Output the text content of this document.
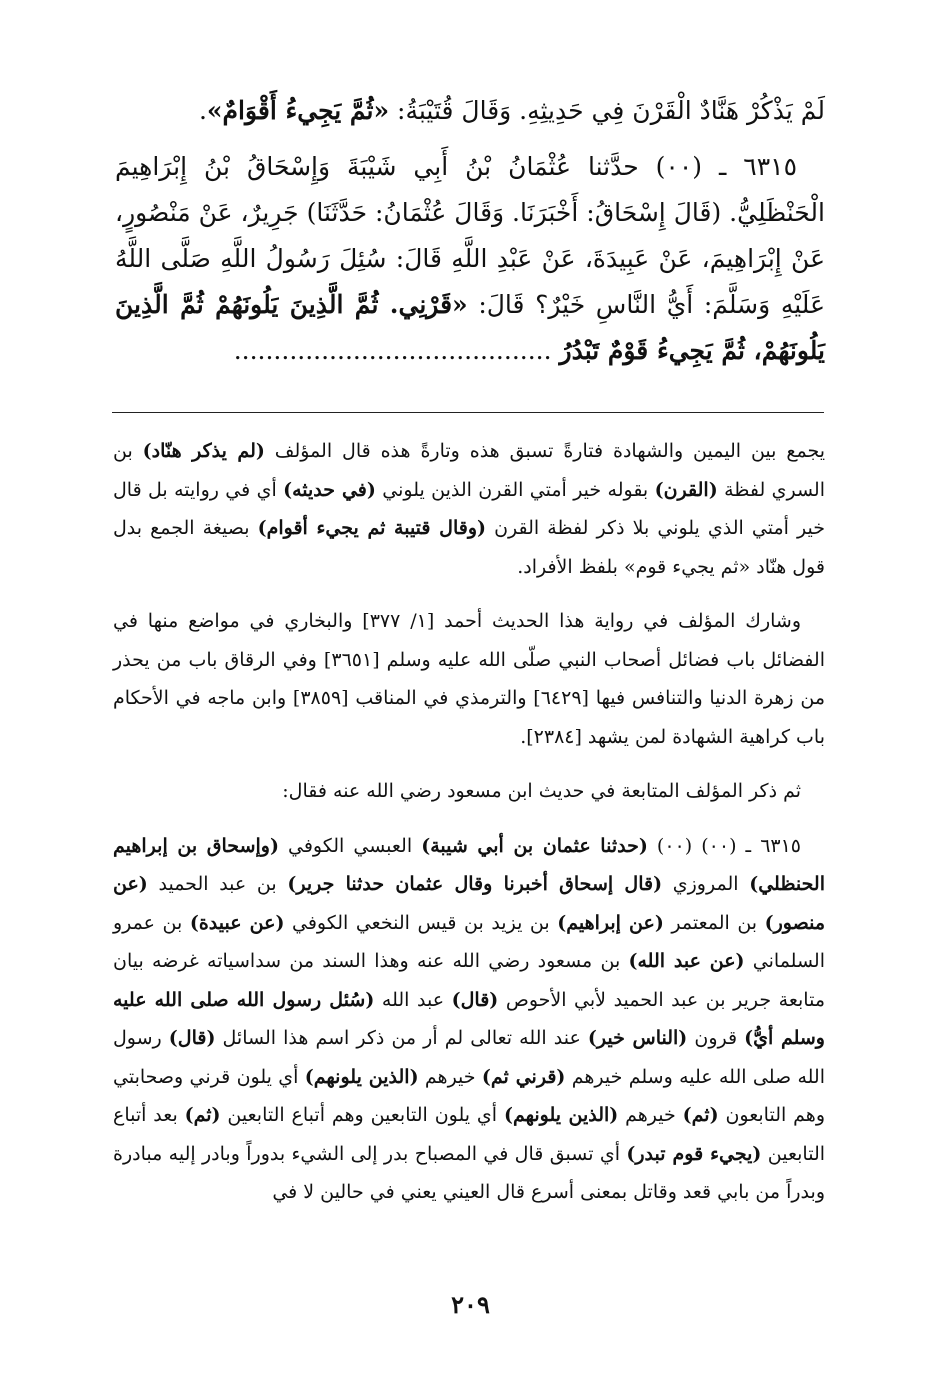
لَمْ يَذْكُرْ هَنَّادٌ الْقَرْنَ فِي حَدِيثِهِ. وَقَالَ قُتَيْبَةُ: «ثُمَّ يَجِيءُ أَقْوَامٌ».

٦٣١٥ ـ (٠٠) حدَّثنا عُثْمَانُ بْنُ أَبِي شَيْبَةَ وَإِسْحَاقُ بْنُ إِبْرَاهِيمَ الْحَنْظَلِيُّ. (قَالَ إِسْحَاقُ: أَخْبَرَنَا. وَقَالَ عُثْمَانُ: حَدَّثَنَا) جَرِيرٌ، عَنْ مَنْصُورٍ، عَنْ إِبْرَاهِيمَ، عَنْ عَبِيدَةَ، عَنْ عَبْدِ اللَّهِ قَالَ: سُئِلَ رَسُولُ اللَّهِ صَلَّى اللَّهُ عَلَيْهِ وَسَلَّمَ: أَيُّ النَّاسِ خَيْرٌ؟ قَالَ: «قَرْنِي. ثُمَّ الَّذِينَ يَلُونَهُمْ ثُمَّ الَّذِينَ يَلُونَهُمْ، ثُمَّ يَجِيءُ قَوْمٌ تَبْدُرُ ........................................

يجمع بين اليمين والشهادة فتارةً تسبق هذه وتارةً هذه قال المؤلف (لم يذكر هنّاد) بن السري لفظة (القرن) بقوله خير أمتي القرن الذين يلوني (في حديثه) أي في روايته بل قال خير أمتي الذي يلوني بلا ذكر لفظة القرن (وقال قتيبة ثم يجيء أقوام) بصيغة الجمع بدل قول هنّاد «ثم يجيء قوم» بلفظ الأفراد.

وشارك المؤلف في رواية هذا الحديث أحمد [١/ ٣٧٧] والبخاري في مواضع منها في الفضائل باب فضائل أصحاب النبي صلّى الله عليه وسلم [٣٦٥١] وفي الرقاق باب من يحذر من زهرة الدنيا والتنافس فيها [٦٤٢٩] والترمذي في المناقب [٣٨٥٩] وابن ماجه في الأحكام باب كراهية الشهادة لمن يشهد [٢٣٨٤].

ثم ذكر المؤلف المتابعة في حديث ابن مسعود رضي الله عنه فقال:

٦٣١٥ ـ (٠٠) (٠٠) (حدثنا عثمان بن أبي شيبة) العبسي الكوفي (وإسحاق بن إبراهيم الحنظلي) المروزي (قال إسحاق أخبرنا وقال عثمان حدثنا جرير) بن عبد الحميد (عن منصور) بن المعتمر (عن إبراهيم) بن يزيد بن قيس النخعي الكوفي (عن عبيدة) بن عمرو السلماني (عن عبد الله) بن مسعود رضي الله عنه وهذا السند من سداسياته غرضه بيان متابعة جرير بن عبد الحميد لأبي الأحوص (قال) عبد الله (سُئل رسول الله صلى الله عليه وسلم أيُّ) قرون (الناس خير) عند الله تعالى لم أر من ذكر اسم هذا السائل (قال) رسول الله صلى الله عليه وسلم خيرهم (قرني ثم) خيرهم (الذين يلونهم) أي يلون قرني وصحابتي وهم التابعون (ثم) خيرهم (الذين يلونهم) أي يلون التابعين وهم أتباع التابعين (ثم) بعد أتباع التابعين (يجيء قوم تبدر) أي تسبق قال في المصباح بدر إلى الشيء بدوراً وبادر إليه مبادرة وبدراً من بابي قعد وقاتل بمعنى أسرع قال العيني يعني في حالين لا في

٢٠٩
